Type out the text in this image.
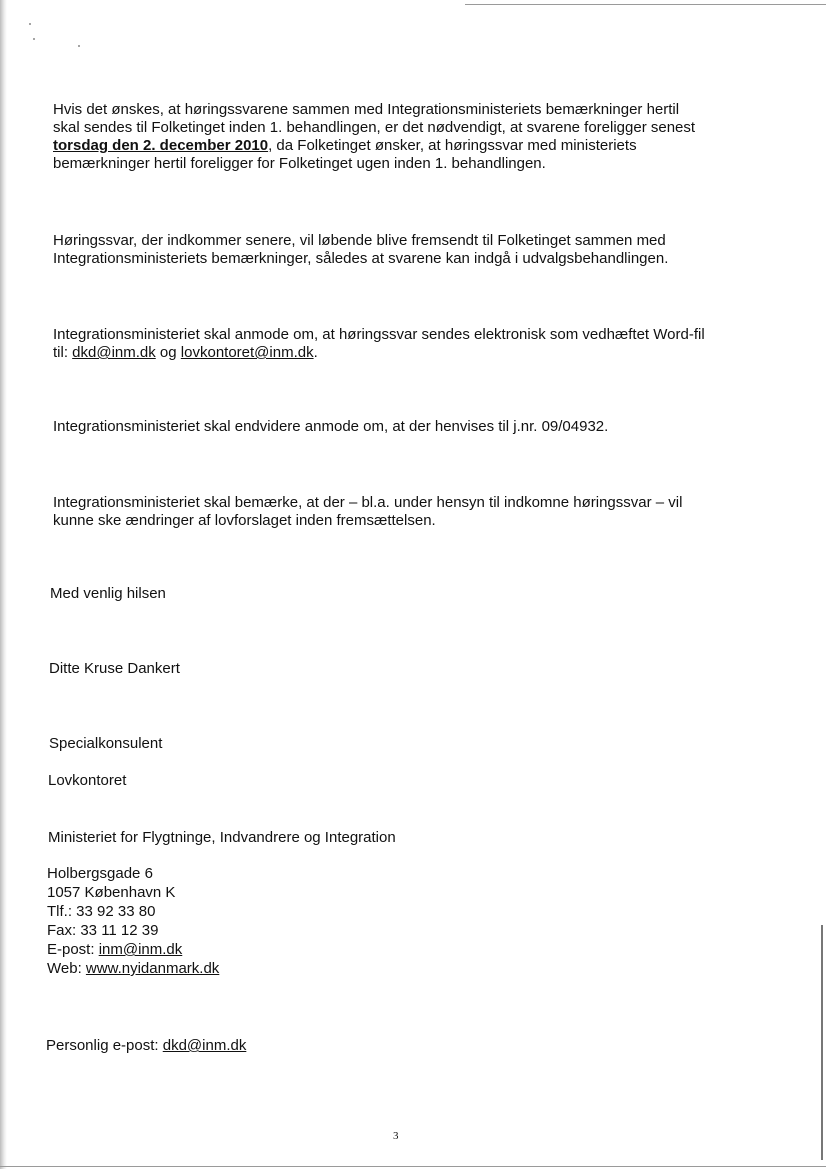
Hvis det ønskes, at høringssvarene sammen med Integrationsministeriets bemærkninger hertil
skal sendes til Folketinget inden 1. behandlingen, er det nødvendigt, at svarene foreligger senest
torsdag den 2. december 2010, da Folketinget ønsker, at høringssvar med ministeriets
bemærkninger hertil foreligger for Folketinget ugen inden 1. behandlingen.
Høringssvar, der indkommer senere, vil løbende blive fremsendt til Folketinget sammen med
Integrationsministeriets bemærkninger, således at svarene kan indgå i udvalgsbehandlingen.
Integrationsministeriet skal anmode om, at høringssvar sendes elektronisk som vedhæftet Word-fil
til: dkd@inm.dk og lovkontoret@inm.dk.
Integrationsministeriet skal endvidere anmode om, at der henvises til j.nr. 09/04932.
Integrationsministeriet skal bemærke, at der – bl.a. under hensyn til indkomne høringssvar – vil
kunne ske ændringer af lovforslaget inden fremsættelsen.
Med venlig hilsen
Ditte Kruse Dankert
Specialkonsulent
Lovkontoret
Ministeriet for Flygtninge, Indvandrere og Integration
Holbergsgade 6
1057 København K
Tlf.: 33 92 33 80
Fax: 33 11 12 39
E-post: inm@inm.dk
Web: www.nyidanmark.dk
Personlig e-post: dkd@inm.dk
3
